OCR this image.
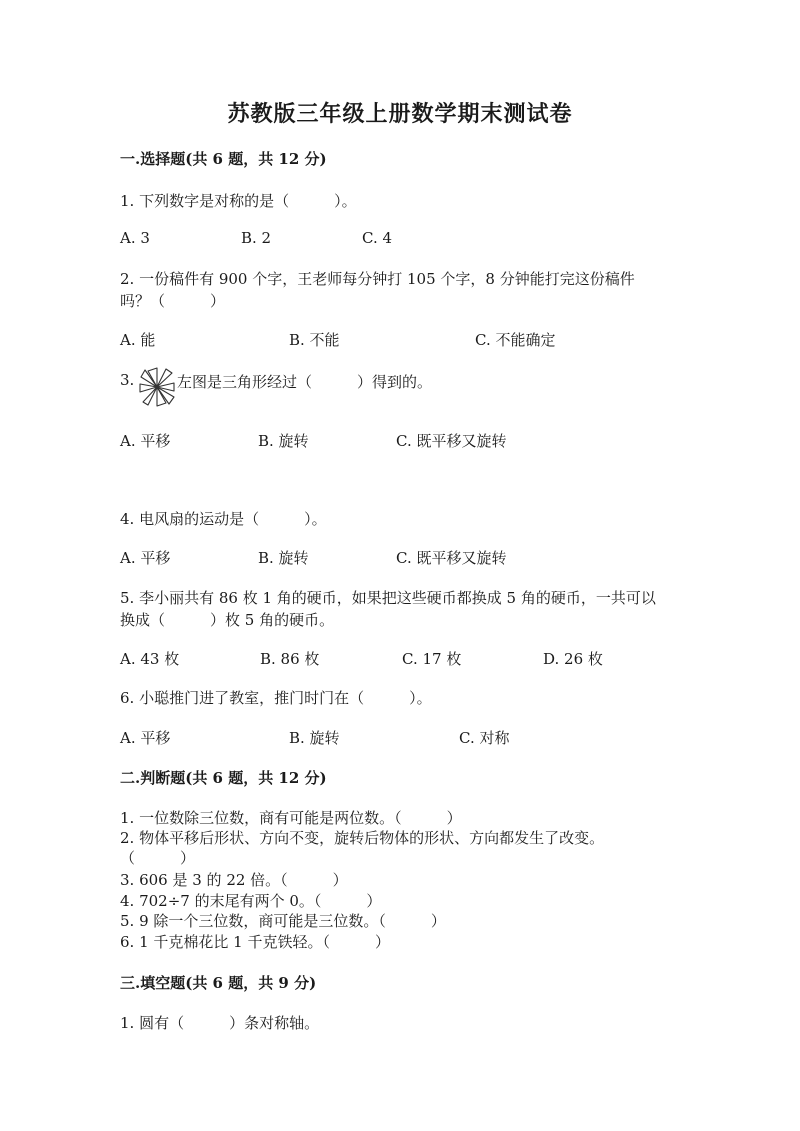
苏教版三年级上册数学期末测试卷
一.选择题(共 6 题，共 12 分)
1. 下列数字是对称的是（　　　）。
A. 3	B. 2	C. 4
2. 一份稿件有 900 个字，王老师每分钟打 105 个字，8 分钟能打完这份稿件
吗？（　　　）
A. 能	B. 不能	C. 不能确定
3.	左图是三角形经过（　　　）得到的。
A. 平移	B. 旋转	C. 既平移又旋转
4. 电风扇的运动是（　　　）。
A. 平移	B. 旋转	C. 既平移又旋转
5. 李小丽共有 86 枚 1 角的硬币，如果把这些硬币都换成 5 角的硬币，一共可以
换成（　　　）枚 5 角的硬币。
A. 43 枚	B. 86 枚	C. 17 枚	D. 26 枚
6. 小聪推门进了教室，推门时门在（　　　）。
A. 平移	B. 旋转	C. 对称
二.判断题(共 6 题，共 12 分)
1. 一位数除三位数，商有可能是两位数。（　　　）
2. 物体平移后形状、方向不变，旋转后物体的形状、方向都发生了改变。
（　　　）
3. 606 是 3 的 22 倍。（　　　）
4. 702÷7 的末尾有两个 0。（　　　）
5. 9 除一个三位数，商可能是三位数。（　　　）
6. 1 千克棉花比 1 千克铁轻。（　　　）
三.填空题(共 6 题，共 9 分)
1. 圆有（　　　）条对称轴。
